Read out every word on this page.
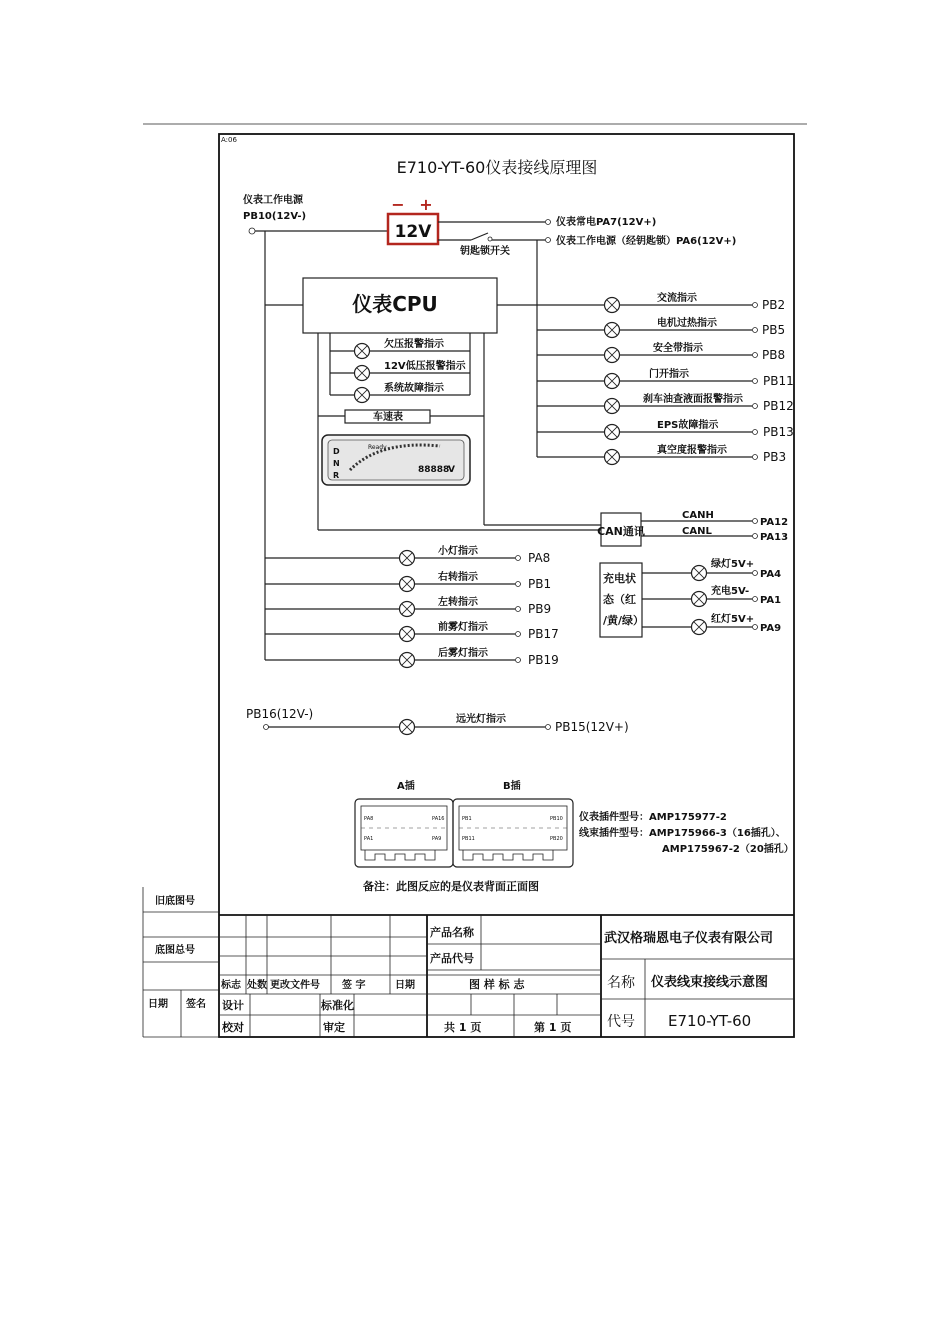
A:06
E710-YT-60仪表接线原理图
仪表工作电源
PB10(12V-)
12V
− +
仪表常电PA7(12V+)
仪表工作电源（经钥匙锁）PA6(12V+)
钥匙锁开关
仪表CPU
欠压报警指示
12V低压报警指示
系统故障指示
车速表
D
N
R
Ready
88888
V
交流指示	PB2
电机过热指示	PB5
安全带指示	PB8
门开指示	PB11
刹车油查液面报警指示 PB12
EPS故障指示	PB13
真空度报警指示	PB3
CAN通讯
CANH
CANL
PA12
PA13
小灯指示	PA8
右转指示	PB1
左转指示	PB9
前雾灯指示	PB17
后雾灯指示	PB19
充电状
态（红
/黄/绿）
绿灯5V+
PA4
充电5V-
PA1
红灯5V+
PA9
PB16(12V-)	远光灯指示
PB15(12V+)
A插	B插
PA8	PA16
PA1	PA9
PB1	PB10
PB11	PB20
仪表插件型号：AMP175977-2
线束插件型号：AMP175966-3（16插孔）、
AMP175967-2（20插孔）
备注：此图反应的是仪表背面正面图
旧底图号
底图总号
日期 签名
标志 处数 更改文件号 签 字	日期
设计	标准化
校对	审定
产品名称
产品代号
图 样 标 志
共 1 页	第 1 页
武汉格瑞恩电子仪表有限公司
名称 仪表线束接线示意图
代号 E710-YT-60
